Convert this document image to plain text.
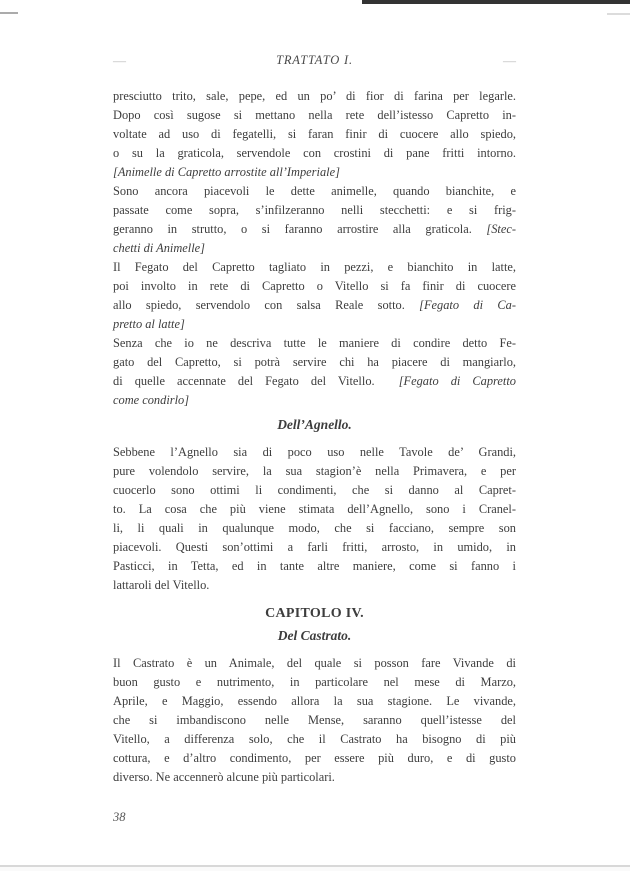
—	TRATTATO I.	—
presciutto trito, sale, pepe, ed un po’ di fior di farina per legarle.
Dopo così sugose si mettano nella rete dell’istesso Capretto in-
voltate ad uso di fegatelli, si faran finir di cuocere allo spiedo,
o su la graticola, servendole con crostini di pane fritti intorno.
[Animelle di Capretto arrostite all’Imperiale]
Sono ancora piacevoli le dette animelle, quando bianchite, e
passate come sopra, s’infilzeranno nelli stecchetti: e si frig-
geranno in strutto, o si faranno arrostire alla graticola. [Stec-
chetti di Animelle]
Il Fegato del Capretto tagliato in pezzi, e bianchito in latte,
poi involto in rete di Capretto o Vitello si fa finir di cuocere
allo spiedo, servendolo con salsa Reale sotto. [Fegato di Ca-
pretto al latte]
Senza che io ne descriva tutte le maniere di condire detto Fe-
gato del Capretto, si potrà servire chi ha piacere di mangiarlo,
di quelle accennate del Fegato del Vitello.  [Fegato di Capretto
come condirlo]
Dell’Agnello.
Sebbene l’Agnello sia di poco uso nelle Tavole de’ Grandi,
pure volendolo servire, la sua stagion’è nella Primavera, e per
cuocerlo sono ottimi li condimenti, che si danno al Capret-
to. La cosa che più viene stimata dell’Agnello, sono i Cranel-
li, li quali in qualunque modo, che si facciano, sempre son
piacevoli. Questi son’ottimi a farli fritti, arrosto, in umido, in
Pasticci, in Tetta, ed in tante altre maniere, come si fanno i
lattaroli del Vitello.
CAPITOLO IV.
Del Castrato.
Il Castrato è un Animale, del quale si posson fare Vivande di
buon gusto e nutrimento, in particolare nel mese di Marzo,
Aprile, e Maggio, essendo allora la sua stagione. Le vivande,
che si imbandiscono nelle Mense, saranno quell’istesse del
Vitello, a differenza solo, che il Castrato ha bisogno di più
cottura, e d’altro condimento, per essere più duro, e di gusto
diverso. Ne accennerò alcune più particolari.
38
